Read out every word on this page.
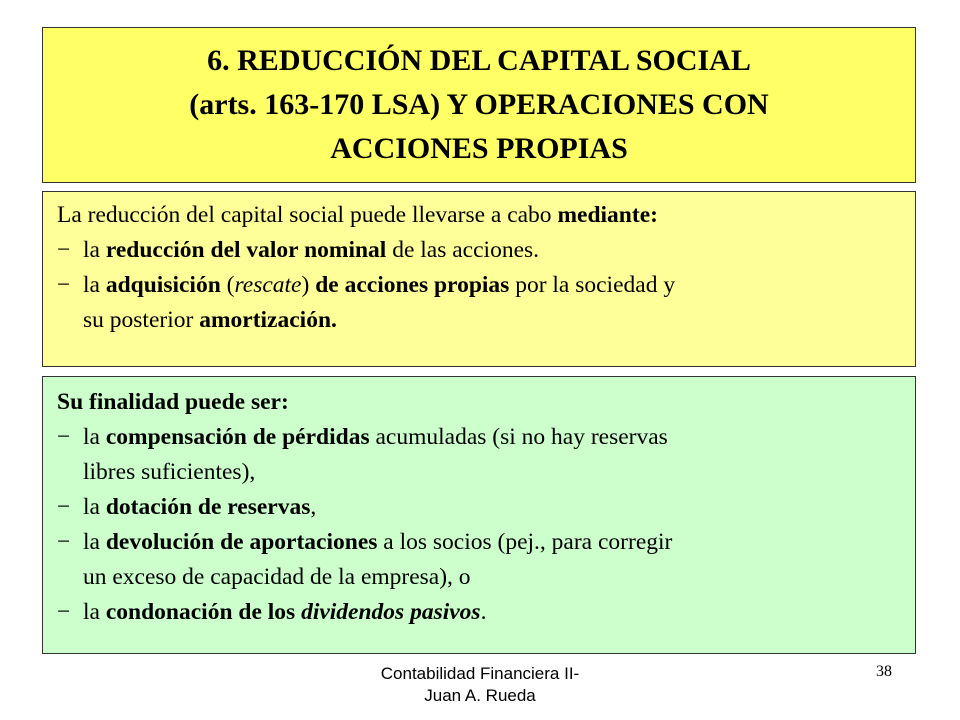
6. REDUCCIÓN DEL CAPITAL SOCIAL
(arts. 163-170 LSA) Y OPERACIONES CON
ACCIONES PROPIAS
La reducción del capital social puede llevarse a cabo mediante:
− la reducción del valor nominal de las acciones.
− la adquisición (rescate) de acciones propias por la sociedad y
su posterior amortización.
Su finalidad puede ser:
− la compensación de pérdidas acumuladas (si no hay reservas
libres suficientes),
− la dotación de reservas,
− la devolución de aportaciones a los socios (pej., para corregir
un exceso de capacidad de la empresa), o
− la condonación de los dividendos pasivos.
Contabilidad Financiera II-
Juan A. Rueda
38
